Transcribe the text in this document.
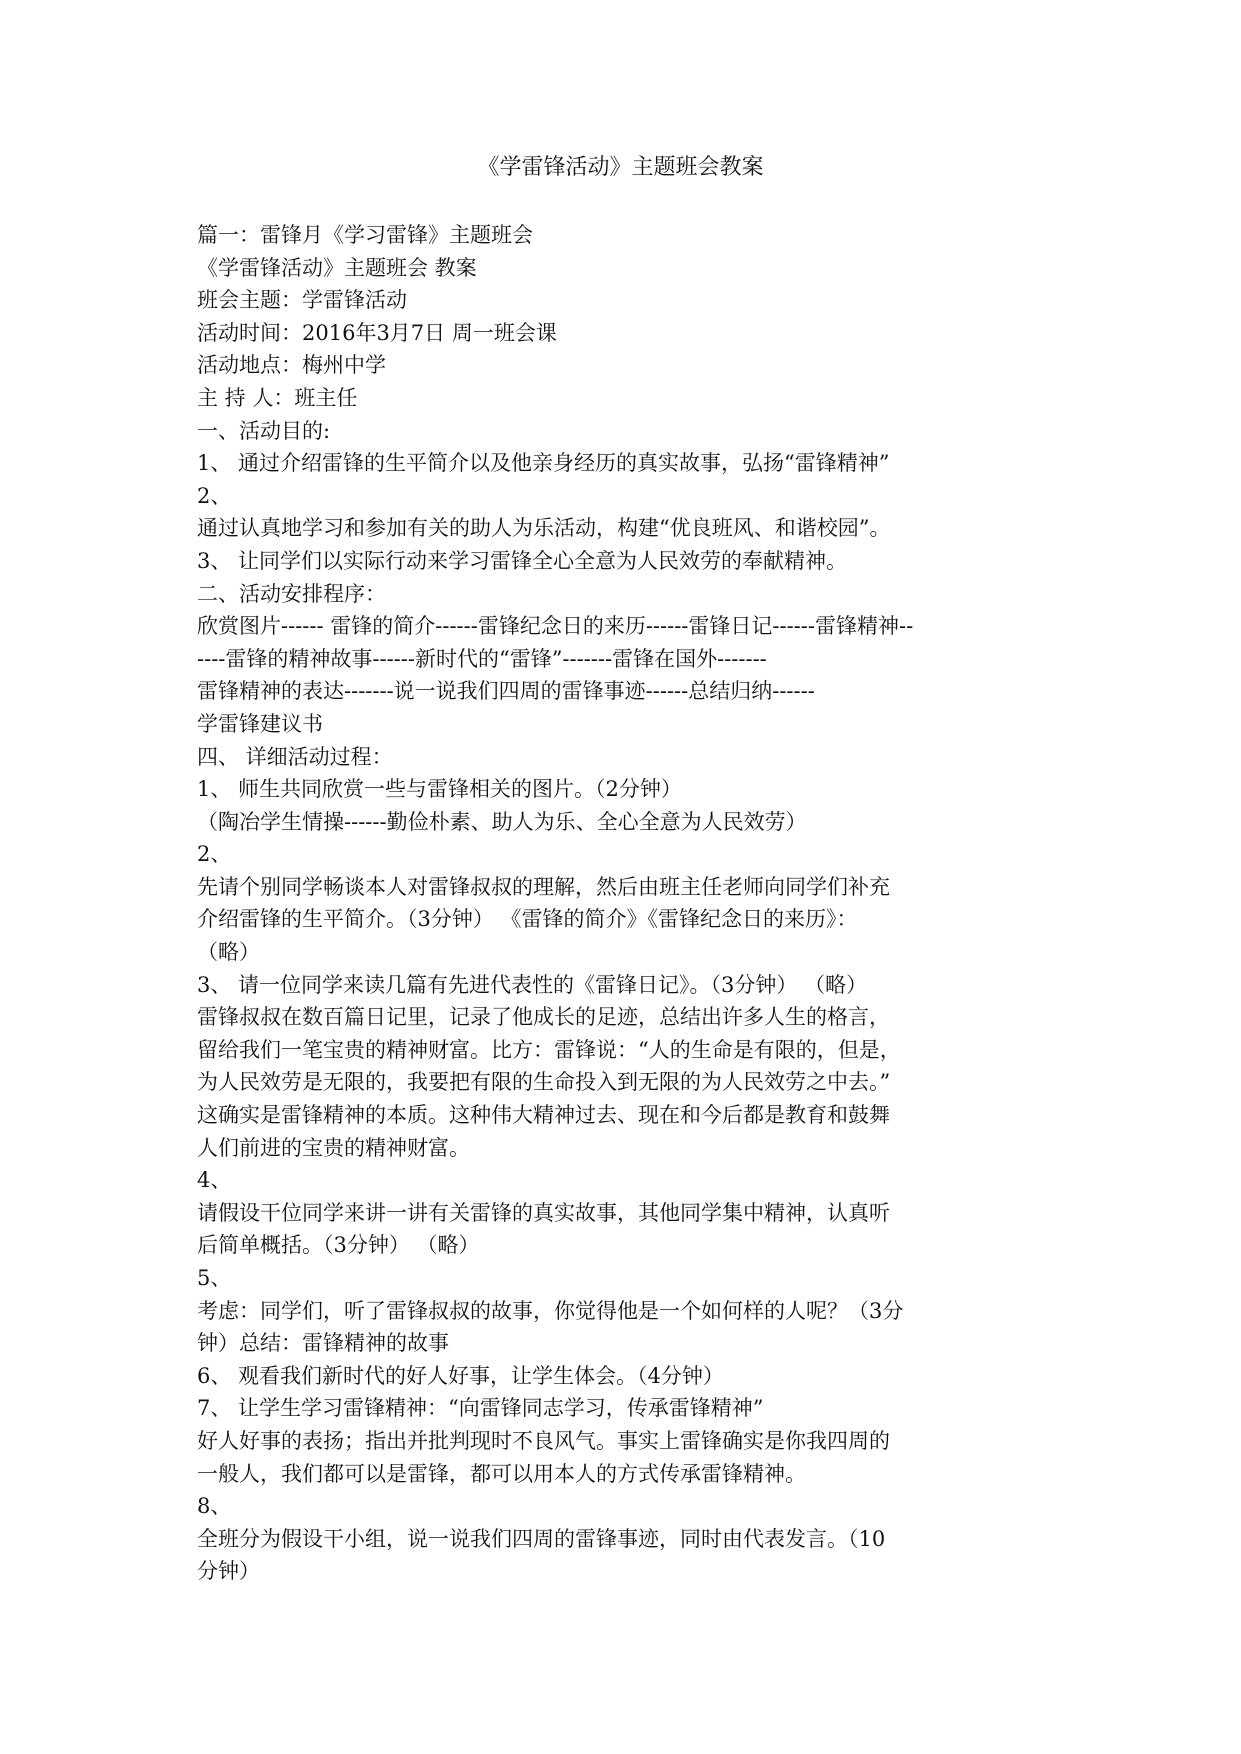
《学雷锋活动》主题班会教案
篇一：雷锋月《学习雷锋》主题班会
《学雷锋活动》主题班会 教案
班会主题：学雷锋活动
活动时间：2016年3月7日 周一班会课
活动地点：梅州中学
主 持 人：班主任
一、活动目的:
1、 通过介绍雷锋的生平简介以及他亲身经历的真实故事，弘扬“雷锋精神”
2、
通过认真地学习和参加有关的助人为乐活动，构建“优良班风、和谐校园”。
3、 让同学们以实际行动来学习雷锋全心全意为人民效劳的奉献精神。
二、活动安排程序：
欣赏图片------ 雷锋的简介------雷锋纪念日的来历------雷锋日记------雷锋精神--
----雷锋的精神故事------新时代的“雷锋”-------雷锋在国外-------
雷锋精神的表达-------说一说我们四周的雷锋事迹------总结归纳------
学雷锋建议书
四、 详细活动过程：
1、 师生共同欣赏一些与雷锋相关的图片。（2分钟）
（陶冶学生情操------勤俭朴素、助人为乐、全心全意为人民效劳）
2、
先请个别同学畅谈本人对雷锋叔叔的理解，然后由班主任老师向同学们补充
介绍雷锋的生平简介。（3分钟） 《雷锋的简介》《雷锋纪念日的来历》：
（略）
3、 请一位同学来读几篇有先进代表性的《雷锋日记》。（3分钟） （略）
雷锋叔叔在数百篇日记里，记录了他成长的足迹，总结出许多人生的格言，
留给我们一笔宝贵的精神财富。比方：雷锋说：“人的生命是有限的，但是，
为人民效劳是无限的，我要把有限的生命投入到无限的为人民效劳之中去。”
这确实是雷锋精神的本质。这种伟大精神过去、现在和今后都是教育和鼓舞
人们前进的宝贵的精神财富。
4、
请假设干位同学来讲一讲有关雷锋的真实故事，其他同学集中精神，认真听
后简单概括。（3分钟） （略）
5、
考虑：同学们，听了雷锋叔叔的故事，你觉得他是一个如何样的人呢？（3分
钟）总结：雷锋精神的故事
6、 观看我们新时代的好人好事，让学生体会。（4分钟）
7、 让学生学习雷锋精神：“向雷锋同志学习，传承雷锋精神”
好人好事的表扬；指出并批判现时不良风气。事实上雷锋确实是你我四周的
一般人，我们都可以是雷锋，都可以用本人的方式传承雷锋精神。
8、
全班分为假设干小组，说一说我们四周的雷锋事迹，同时由代表发言。（10
分钟）
